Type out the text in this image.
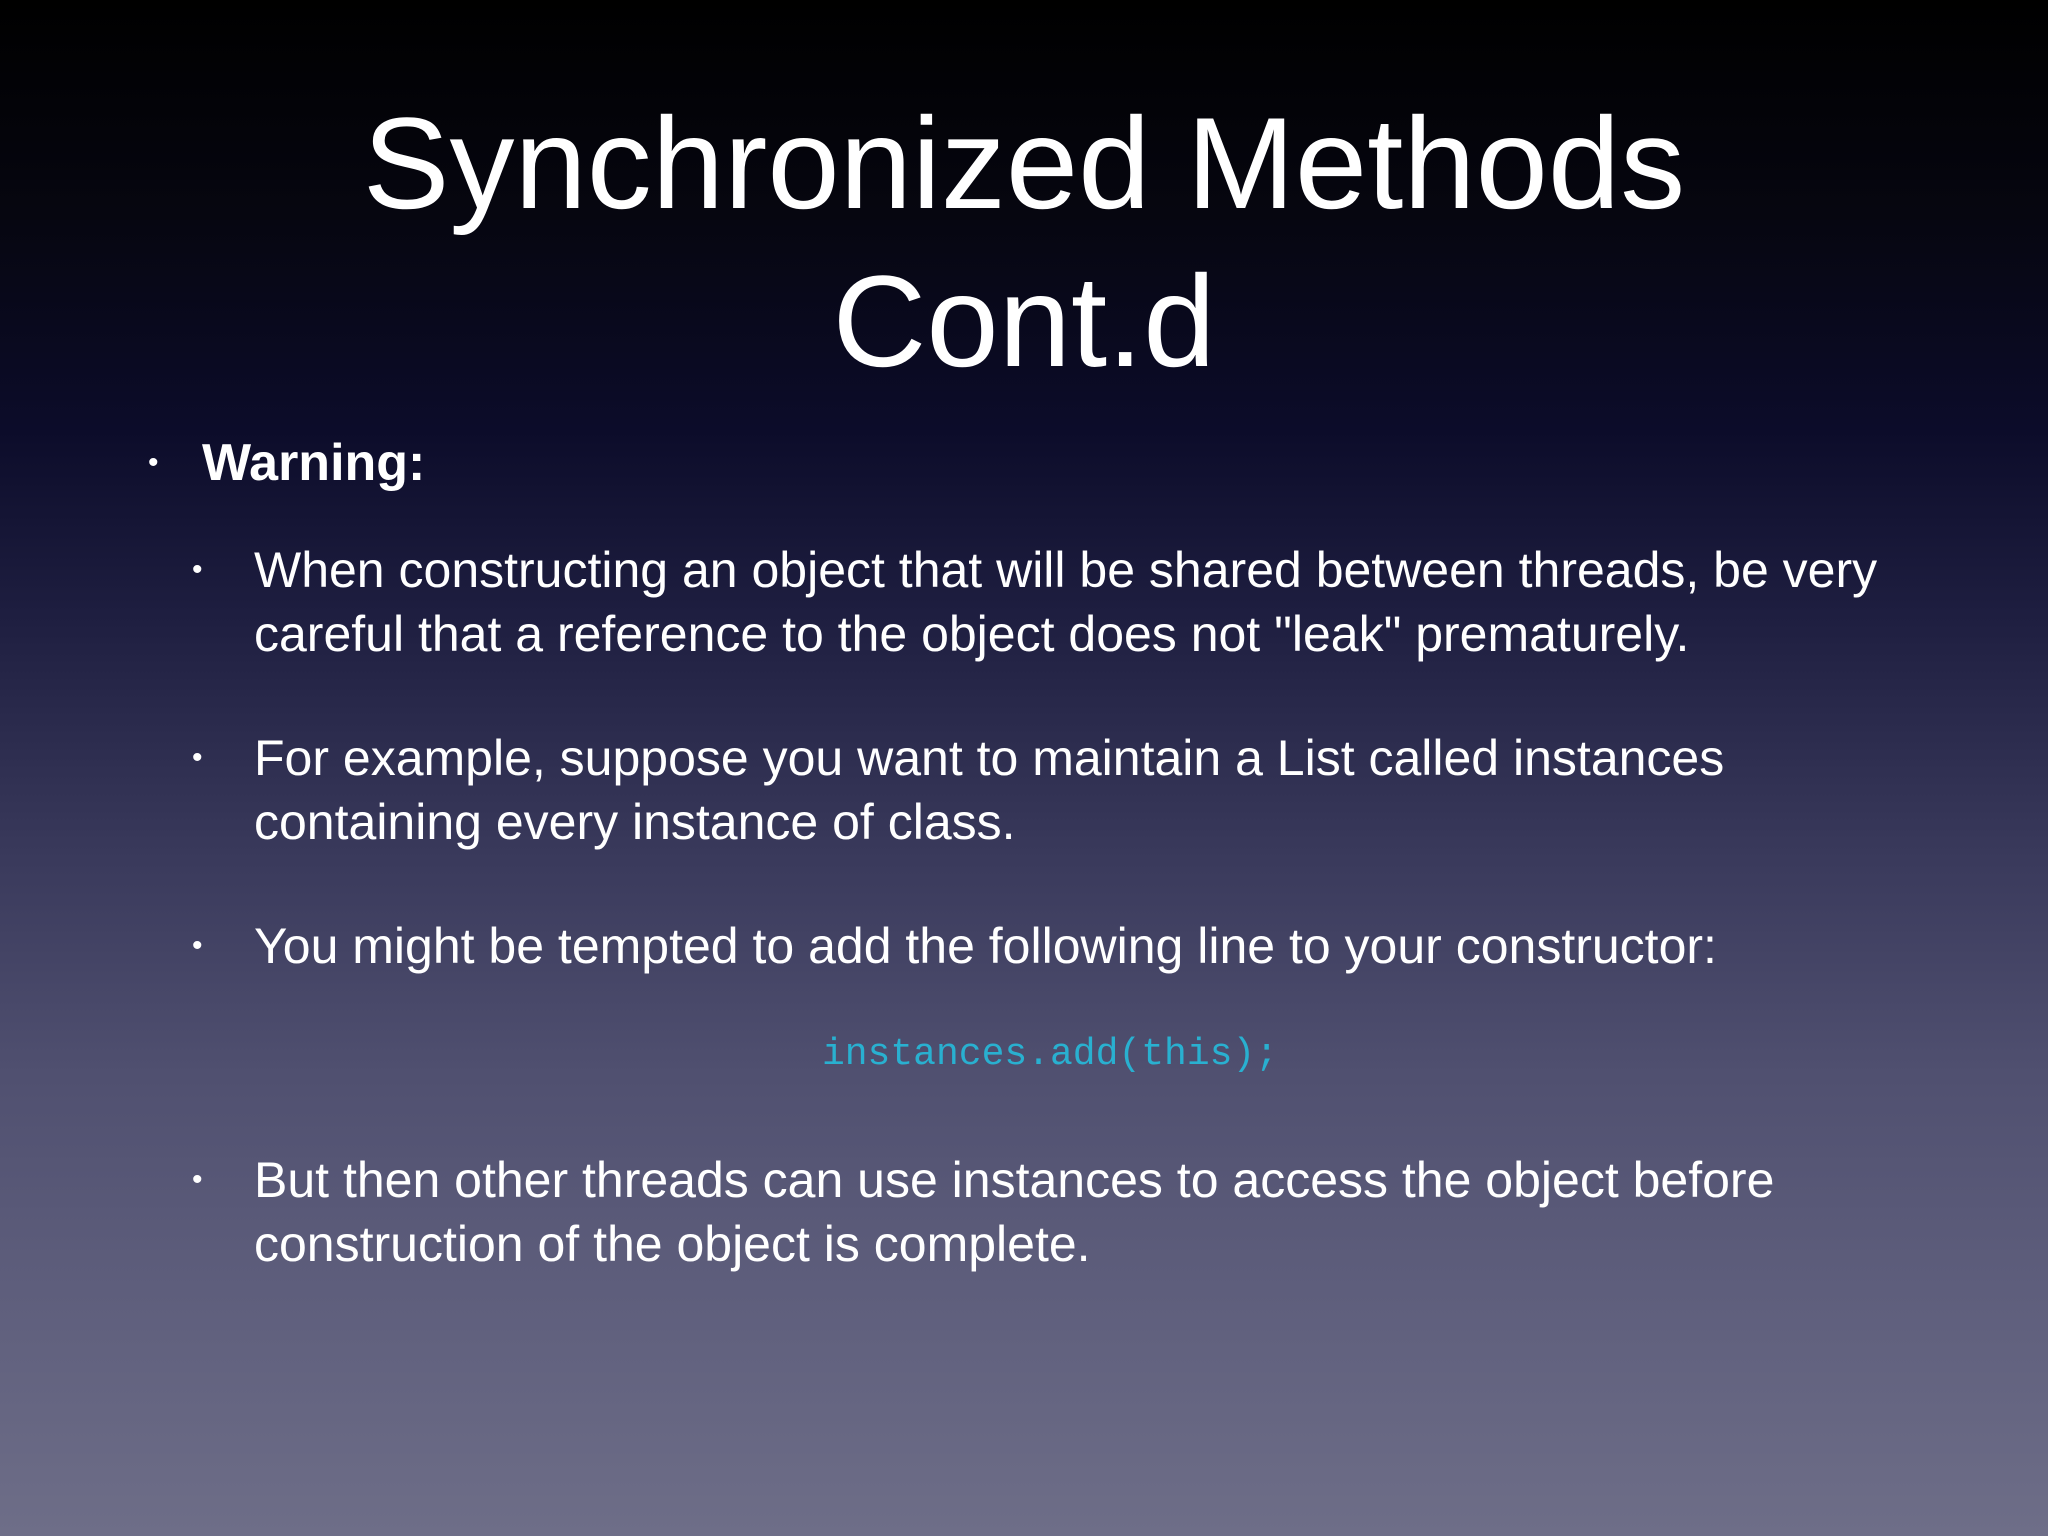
Synchronized Methods
Cont.d
• Warning:
• When constructing an object that will be shared between threads, be very careful that a reference to the object does not "leak" prematurely.
• For example, suppose you want to maintain a List called instances containing every instance of class.
• You might be tempted to add the following line to your constructor:
instances.add(this);
• But then other threads can use instances to access the object before construction of the object is complete.
